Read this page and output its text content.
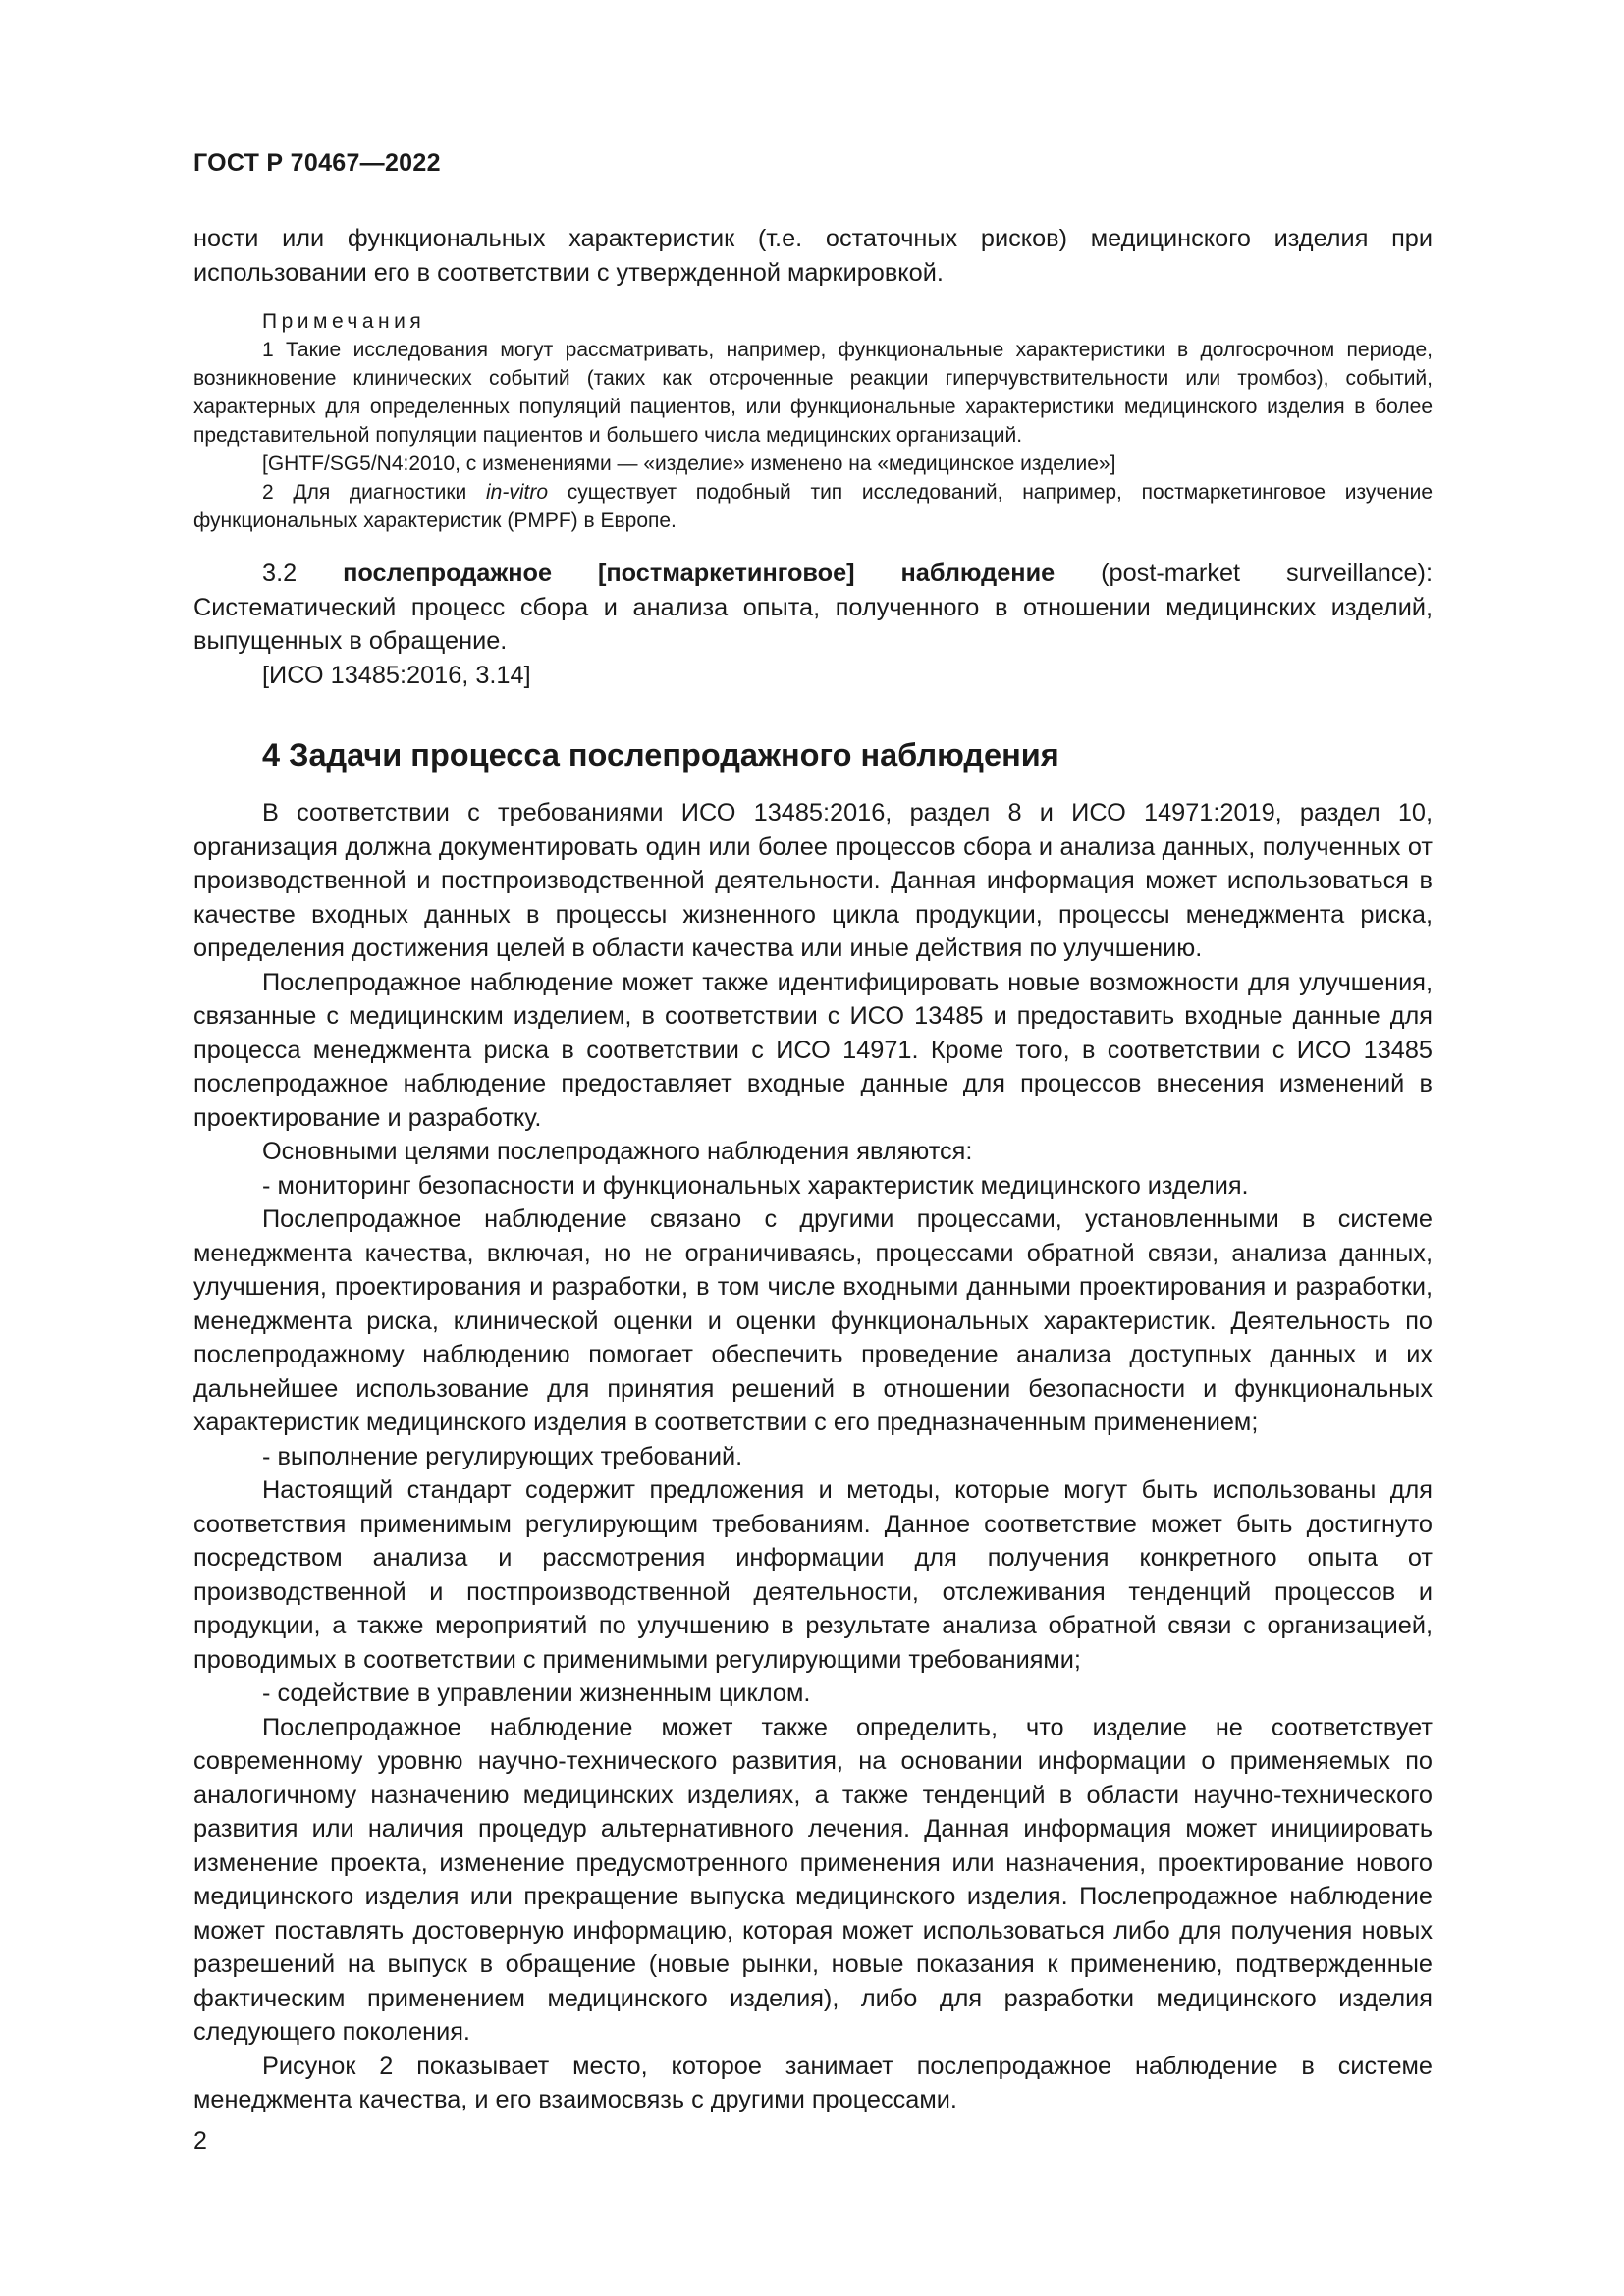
ГОСТ Р 70467—2022

ности или функциональных характеристик (т.е. остаточных рисков) медицинского изделия при использовании его в соответствии с утвержденной маркировкой.

Примечания

1 Такие исследования могут рассматривать, например, функциональные характеристики в долгосрочном периоде, возникновение клинических событий (таких как отсроченные реакции гиперчувствительности или тромбоз), событий, характерных для определенных популяций пациентов, или функциональные характеристики медицинского изделия в более представительной популяции пациентов и большего числа медицинских организаций.

[GHTF/SG5/N4:2010, с изменениями — «изделие» изменено на «медицинское изделие»]

2 Для диагностики in-vitro существует подобный тип исследований, например, постмаркетинговое изучение функциональных характеристик (PMPF) в Европе.

3.2 послепродажное [постмаркетинговое] наблюдение (post-market surveillance): Систематический процесс сбора и анализа опыта, полученного в отношении медицинских изделий, выпущенных в обращение.

[ИСО 13485:2016, 3.14]

4 Задачи процесса послепродажного наблюдения

В соответствии с требованиями ИСО 13485:2016, раздел 8 и ИСО 14971:2019, раздел 10, организация должна документировать один или более процессов сбора и анализа данных, полученных от производственной и постпроизводственной деятельности. Данная информация может использоваться в качестве входных данных в процессы жизненного цикла продукции, процессы менеджмента риска, определения достижения целей в области качества или иные действия по улучшению.

Послепродажное наблюдение может также идентифицировать новые возможности для улучшения, связанные с медицинским изделием, в соответствии с ИСО 13485 и предоставить входные данные для процесса менеджмента риска в соответствии с ИСО 14971. Кроме того, в соответствии с ИСО 13485 послепродажное наблюдение предоставляет входные данные для процессов внесения изменений в проектирование и разработку.

Основными целями послепродажного наблюдения являются:

- мониторинг безопасности и функциональных характеристик медицинского изделия.

Послепродажное наблюдение связано с другими процессами, установленными в системе менеджмента качества, включая, но не ограничиваясь, процессами обратной связи, анализа данных, улучшения, проектирования и разработки, в том числе входными данными проектирования и разработки, менеджмента риска, клинической оценки и оценки функциональных характеристик. Деятельность по послепродажному наблюдению помогает обеспечить проведение анализа доступных данных и их дальнейшее использование для принятия решений в отношении безопасности и функциональных характеристик медицинского изделия в соответствии с его предназначенным применением;

- выполнение регулирующих требований.

Настоящий стандарт содержит предложения и методы, которые могут быть использованы для соответствия применимым регулирующим требованиям. Данное соответствие может быть достигнуто посредством анализа и рассмотрения информации для получения конкретного опыта от производственной и постпроизводственной деятельности, отслеживания тенденций процессов и продукции, а также мероприятий по улучшению в результате анализа обратной связи с организацией, проводимых в соответствии с применимыми регулирующими требованиями;

- содействие в управлении жизненным циклом.

Послепродажное наблюдение может также определить, что изделие не соответствует современному уровню научно-технического развития, на основании информации о применяемых по аналогичному назначению медицинских изделиях, а также тенденций в области научно-технического развития или наличия процедур альтернативного лечения. Данная информация может инициировать изменение проекта, изменение предусмотренного применения или назначения, проектирование нового медицинского изделия или прекращение выпуска медицинского изделия. Послепродажное наблюдение может поставлять достоверную информацию, которая может использоваться либо для получения новых разрешений на выпуск в обращение (новые рынки, новые показания к применению, подтвержденные фактическим применением медицинского изделия), либо для разработки медицинского изделия следующего поколения.

Рисунок 2 показывает место, которое занимает послепродажное наблюдение в системе менеджмента качества, и его взаимосвязь с другими процессами.

2
